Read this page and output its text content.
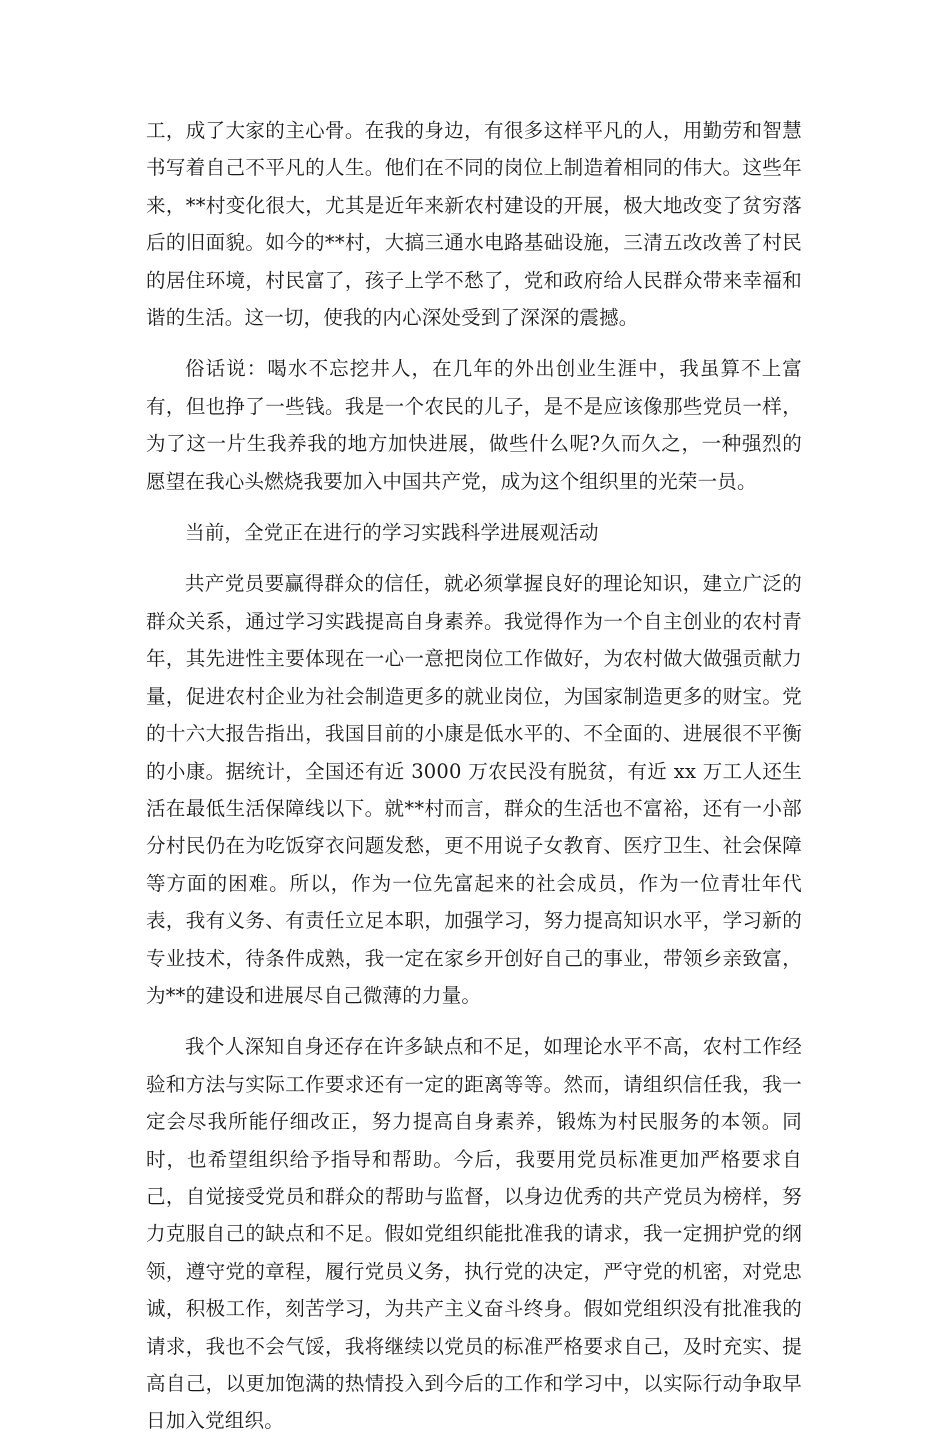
工，成了大家的主心骨。在我的身边，有很多这样平凡的人，用勤劳和智慧书写着自己不平凡的人生。他们在不同的岗位上制造着相同的伟大。这些年来，**村变化很大，尤其是近年来新农村建设的开展，极大地改变了贫穷落后的旧面貌。如今的**村，大搞三通水电路基础设施，三清五改改善了村民的居住环境，村民富了，孩子上学不愁了，党和政府给人民群众带来幸福和谐的生活。这一切，使我的内心深处受到了深深的震撼。

俗话说：喝水不忘挖井人，在几年的外出创业生涯中，我虽算不上富有，但也挣了一些钱。我是一个农民的儿子，是不是应该像那些党员一样，为了这一片生我养我的地方加快进展，做些什么呢?久而久之，一种强烈的愿望在我心头燃烧我要加入中国共产党，成为这个组织里的光荣一员。

当前，全党正在进行的学习实践科学进展观活动

共产党员要赢得群众的信任，就必须掌握良好的理论知识，建立广泛的群众关系，通过学习实践提高自身素养。我觉得作为一个自主创业的农村青年，其先进性主要体现在一心一意把岗位工作做好，为农村做大做强贡献力量，促进农村企业为社会制造更多的就业岗位，为国家制造更多的财宝。党的十六大报告指出，我国目前的小康是低水平的、不全面的、进展很不平衡的小康。据统计，全国还有近 3000 万农民没有脱贫，有近 xx 万工人还生活在最低生活保障线以下。就**村而言，群众的生活也不富裕，还有一小部分村民仍在为吃饭穿衣问题发愁，更不用说子女教育、医疗卫生、社会保障等方面的困难。所以，作为一位先富起来的社会成员，作为一位青壮年代表，我有义务、有责任立足本职，加强学习，努力提高知识水平，学习新的专业技术，待条件成熟，我一定在家乡开创好自己的事业，带领乡亲致富，为**的建设和进展尽自己微薄的力量。

我个人深知自身还存在许多缺点和不足，如理论水平不高，农村工作经验和方法与实际工作要求还有一定的距离等等。然而，请组织信任我，我一定会尽我所能仔细改正，努力提高自身素养，锻炼为村民服务的本领。同时，也希望组织给予指导和帮助。今后，我要用党员标准更加严格要求自己，自觉接受党员和群众的帮助与监督，以身边优秀的共产党员为榜样，努力克服自己的缺点和不足。假如党组织能批准我的请求，我一定拥护党的纲领，遵守党的章程，履行党员义务，执行党的决定，严守党的机密，对党忠诚，积极工作，刻苦学习，为共产主义奋斗终身。假如党组织没有批准我的请求，我也不会气馁，我将继续以党员的标准严格要求自己，及时充实、提高自己，以更加饱满的热情投入到今后的工作和学习中，以实际行动争取早日加入党组织。
